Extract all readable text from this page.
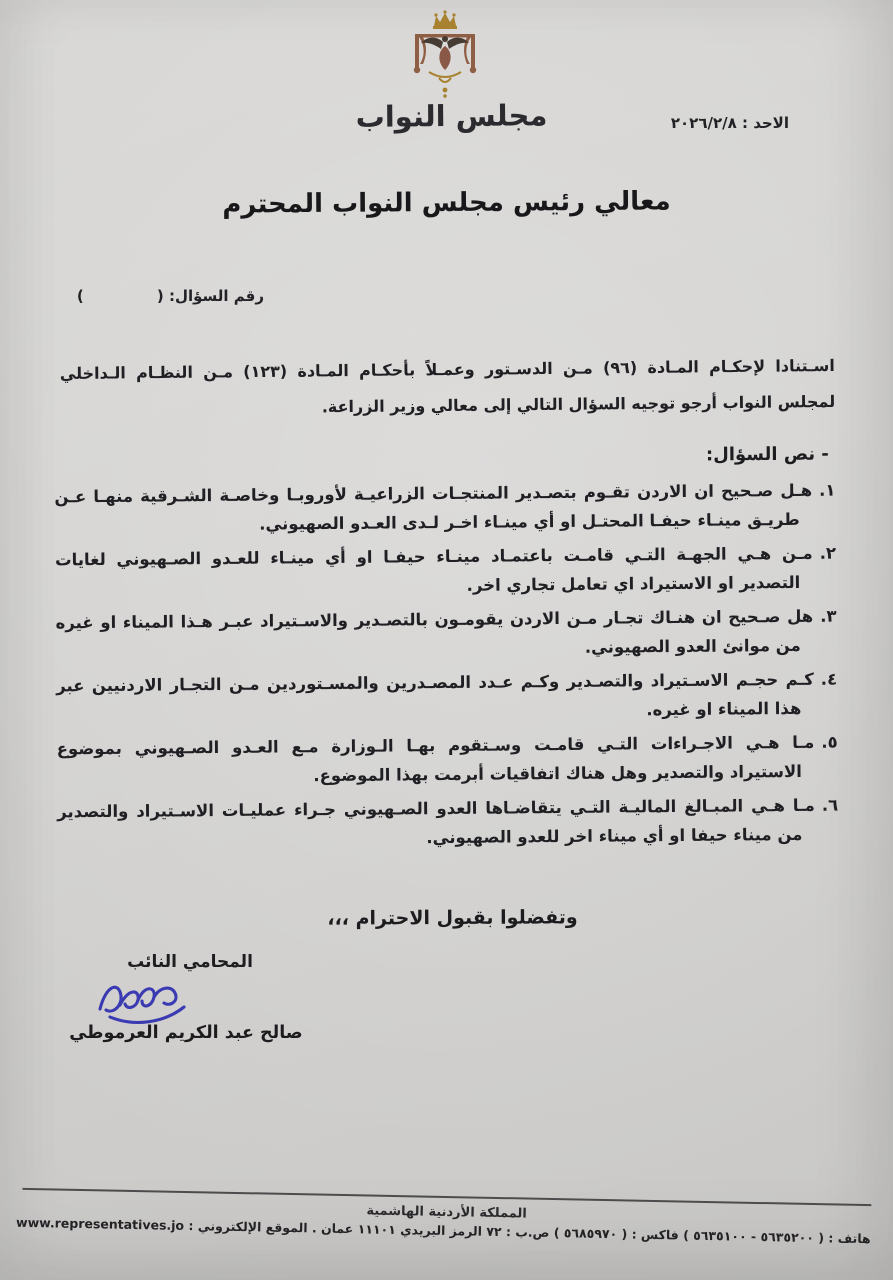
مجلس النواب	الاحد : ٢٠٢٦/٢/٨
معالي رئيس مجلس النواب المحترم
رقم السؤال: (              )
اسـتنادا لإحكـام المـادة (٩٦) مـن الدسـتور وعمـلاً بأحكـام المـادة (١٢٣) مـن النظـام الـداخلي
لمجلس النواب أرجو توجيه السؤال التالي إلى معالي وزير الزراعة.
- نص السؤال:
١.هـل صـحيح ان الاردن تقـوم بتصـدير المنتجـات الزراعيـة لأوروبـا وخاصـة الشـرقية منهـا عـن طريـق مينـاء حيفـا المحتـل او أي مينـاء اخـر لـدى العـدو الصهيوني.
٢.مـن هـي الجهـة التـي قامـت باعتمـاد مينـاء حيفـا او أي مينـاء للعـدو الصـهيوني لغايات التصدير او الاستيراد اي تعامل تجاري اخر.
٣.هل صـحيح ان هنـاك تجـار مـن الاردن يقومـون بالتصـدير والاسـتيراد عبـر هـذا الميناء او غيره من موانئ العدو الصهيوني.
٤.كـم حجـم الاسـتيراد والتصـدير وكـم عـدد المصـدرين والمسـتوردين مـن التجـار الاردنيين عبر هذا الميناء او غيره.
٥.مـا هـي الاجـراءات التـي قامـت وسـتقوم بهـا الـوزارة مـع العـدو الصـهيوني بموضوع الاستيراد والتصدير وهل هناك اتفاقيات أبرمت بهذا الموضوع.
٦.مـا هـي المبـالغ الماليـة التـي يتقاضـاها العدو الصـهيوني جـراء عمليـات الاسـتيراد والتصدير من ميناء حيفا او أي ميناء اخر للعدو الصهيوني.
وتفضلوا بقبول الاحترام ،،،
المحامي النائب
صالح عبد الكريم العرموطي
المملكة الأردنية الهاشمية
هاتف : ( ٥٦٣٥٢٠٠ - ٥٦٣٥١٠٠ ) فاكس : ( ٥٦٨٥٩٧٠ ) ص.ب : ٧٢ الرمز البريدي ١١١٠١ عمان . الموقع الإلكتروني : www.representatives.jo
